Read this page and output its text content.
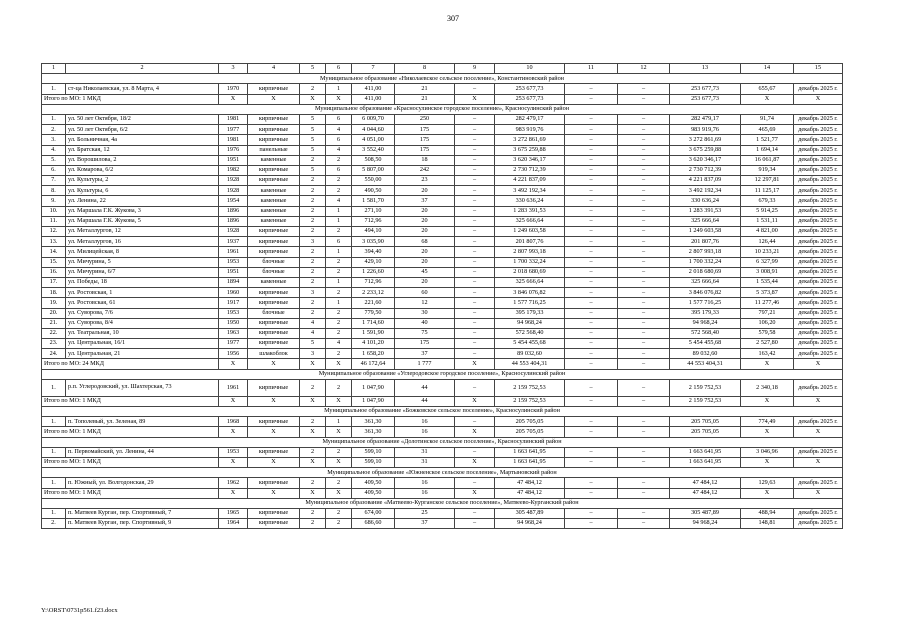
307
1	2	3	4	5	6	7	8	9	10	11	12	13	14	15
Муниципальное образование «Николаевское сельское поселение», Константиновский район														
1.	ст-ца Николаевская, ул. 8 Марта, 4	1970	кирпичные	2	1	411,00	21	–	253 677,73	–	–	253 677,73	655,67	декабрь 2025 г.
Итого по МО: 1 МКД		X	X	X	X	411,00	21	X	253 677,73	–	–	253 677,73	X	X
Муниципальное образование «Красносулинское городское поселение», Красносулинский район														
1.	ул. 50 лет Октября, 18/2	1981	кирпичные	5	6	6 009,70	250	–	282 479,17	–	–	282 479,17	91,74	декабрь 2025 г.
2.	ул. 50 лет Октября, 6/2	1977	кирпичные	5	4	4 044,60	175	–	983 919,76	–	–	983 919,76	465,69	декабрь 2025 г.
3.	ул. Больничная, 4а	1981	кирпичные	5	6	4 051,00	175	–	3 272 861,69	–	–	3 272 861,69	1 521,77	декабрь 2025 г.
4.	ул. Братская, 12	1976	панельные	5	4	3 552,40	175	–	3 675 259,88	–	–	3 675 259,88	1 694,14	декабрь 2025 г.
5.	ул. Ворошилова, 2	1951	каменные	2	2	508,50	18	–	3 620 346,17	–	–	3 620 346,17	16 061,87	декабрь 2025 г.
6.	ул. Комарова, 6/2	1982	кирпичные	5	6	5 807,00	242	–	2 730 712,39	–	–	2 730 712,39	919,34	декабрь 2025 г.
7.	ул. Культуры, 2	1928	кирпичные	2	2	550,00	23	–	4 221 837,09	–	–	4 221 837,09	12 297,81	декабрь 2025 г.
8.	ул. Культуры, 6	1928	каменные	2	2	490,50	20	–	3 492 192,34	–	–	3 492 192,34	11 125,17	декабрь 2025 г.
9.	ул. Ленина, 22	1954	каменные	2	4	1 581,70	37	–	330 636,24	–	–	330 636,24	679,33	декабрь 2025 г.
10.	ул. Маршала Г.К. Жукова, 3	1896	каменные	2	1	271,10	20	–	1 283 391,53	–	–	1 283 391,53	5 914,25	декабрь 2025 г.
11.	ул. Маршала Г.К. Жукова, 5	1896	каменные	2	1	712,96	20	–	325 666,64	–	–	325 666,64	1 531,11	декабрь 2025 г.
12.	ул. Металлургов, 12	1928	кирпичные	2	2	494,10	20	–	1 249 603,58	–	–	1 249 603,58	4 821,00	декабрь 2025 г.
13.	ул. Металлургов, 16	1937	кирпичные	3	6	3 035,90	68	–	201 807,76	–	–	201 807,76	126,44	декабрь 2025 г.
14.	ул. Милицейская, 8	1961	кирпичные	2	1	394,40	20	–	2 807 993,18	–	–	2 807 993,18	10 233,21	декабрь 2025 г.
15.	ул. Мичурина, 5	1953	блочные	2	2	429,10	20	–	1 700 332,24	–	–	1 700 332,24	6 327,99	декабрь 2025 г.
16.	ул. Мичурина, 6/7	1951	блочные	2	2	1 226,60	45	–	2 018 680,69	–	–	2 018 680,69	3 008,91	декабрь 2025 г.
17.	ул. Победы, 18	1894	каменные	2	1	712,96	20	–	325 666,64	–	–	325 666,64	1 535,44	декабрь 2025 г.
18.	ул. Ростовская, 1	1960	кирпичные	3	2	2 233,12	60	–	3 846 076,82	–	–	3 846 076,82	5 373,87	декабрь 2025 г.
19.	ул. Ростовская, 61	1917	кирпичные	2	1	221,60	12	–	1 577 716,25	–	–	1 577 716,25	11 277,46	декабрь 2025 г.
20.	ул. Суворова, 7/6	1953	блочные	2	2	779,50	30	–	395 179,33	–	–	395 179,33	797,21	декабрь 2025 г.
21.	ул. Суворова, 8/4	1950	кирпичные	4	2	1 714,60	40	–	94 968,24	–	–	94 968,24	106,20	декабрь 2025 г.
22.	ул. Театральная, 10	1963	кирпичные	4	2	1 591,90	75	–	572 568,40	–	–	572 568,40	579,58	декабрь 2025 г.
23.	ул. Центральная, 16/1	1977	кирпичные	5	4	4 101,20	175	–	5 454 455,68	–	–	5 454 455,68	2 527,80	декабрь 2025 г.
24.	ул. Центральная, 21	1956	шлакоблок	3	2	1 658,20	37	–	89 032,60	–	–	89 032,60	163,42	декабрь 2025 г.
Итого по МО: 24 МКД		X	X	X	X	46 172,64	1 777	X	44 553 404,31	–	–	44 553 404,31	X	X
Муниципальное образование «Углеродовское городское поселение», Красносулинский район														
1.	р.п. Углеродовский, ул. Шахтерская, 73	1961	кирпичные	2	2	1 047,90	44	–	2 159 752,53	–	–	2 159 752,53	2 340,18	декабрь 2025 г.
Итого по МО: 1 МКД		X	X	X	X	1 047,90	44	X	2 159 752,53	–	–	2 159 752,53	X	X
Муниципальное образование «Божковское сельское поселение», Красносулинский район														
1.	п. Тополевый, ул. Зеленая, 89	1968	кирпичные	2	1	361,30	16	–	205 705,05	–	–	205 705,05	774,49	декабрь 2025 г.
Итого по МО: 1 МКД		X	X	X	X	361,30	16	X	205 705,05	–	–	205 705,05	X	X
Муниципальное образование «Долотинское сельское поселение», Красносулинский район														
1.	п. Первомайский, ул. Ленина, 44	1953	кирпичные	2	2	599,10	31	–	1 663 641,95	–	–	1 663 641,95	3 046,96	декабрь 2025 г.
Итого по МО: 1 МКД		X	X	X	X	599,10	31	X	1 663 641,95	–	–	1 663 641,95	X	X
Муниципальное образование «Южненское сельское поселение», Мартыновский район														
1.	п. Южный, ул. Волгодонская, 29	1962	кирпичные	2	2	409,50	16	–	47 484,12	–	–	47 484,12	129,63	декабрь 2025 г.
Итого по МО: 1 МКД		X	X	X	X	409,50	16	X	47 484,12	–	–	47 484,12	X	X
Муниципальное образование «Матвеево-Курганское сельское поселение», Матвеево-Курганский район														
1.	п. Матвеев Курган, пер. Спортивный, 7	1965	кирпичные	2	2	674,00	25	–	305 487,89	–	–	305 487,89	488,94	декабрь 2025 г.
2.	п. Матвеев Курган, пер. Спортивный, 9	1964	кирпичные	2	2	686,60	37	–	94 968,24	–	–	94 968,24	148,81	декабрь 2025 г.
Y:\ORST\0731p561.f23.docx
